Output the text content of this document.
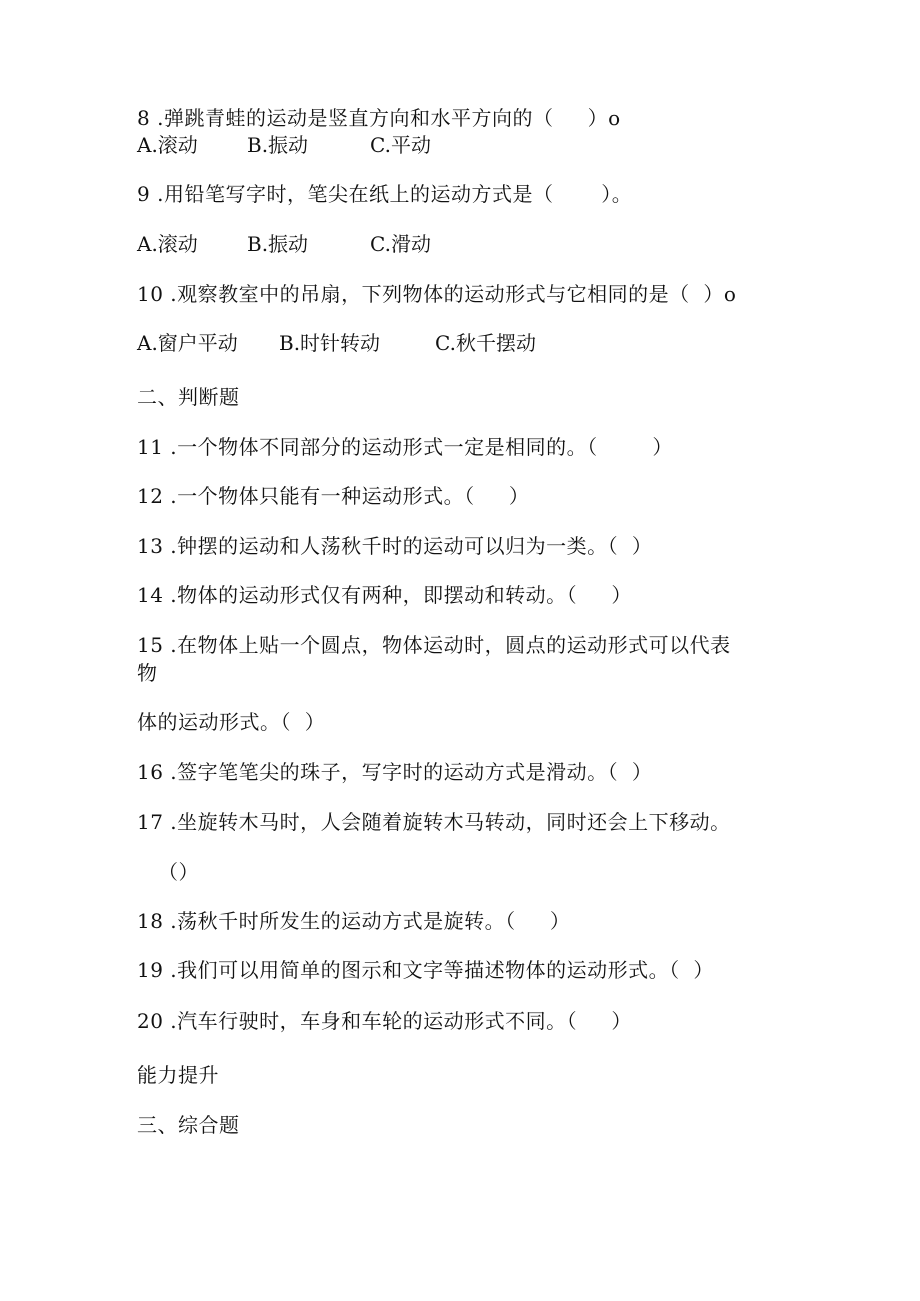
8 .弹跳青蛙的运动是竖直方向和水平方向的（　  ）o

A.滚动

B.振动

	C.平动

9 .用铅笔写字时，笔尖在纸上的运动方式是（　　 ）。

A.滚动

B.振动

	C.滑动

10 .观察教室中的吊扇，下列物体的运动形式与它相同的是（  ）o

A.窗户平动

B.时针转动

	C.秋千摆动

二、判断题
11 .一个物体不同部分的运动形式一定是相同的。（　　  ）
12 .一个物体只能有一种运动形式。（　  ）
13 .钟摆的运动和人荡秋千时的运动可以归为一类。（  ）
14 .物体的运动形式仅有两种，即摆动和转动。（　  ）
15 .在物体上贴一个圆点，物体运动时，圆点的运动形式可以代表
物
体的运动形式。（  ）
16 .签字笔笔尖的珠子，写字时的运动方式是滑动。（  ）
17 .坐旋转木马时，人会随着旋转木马转动，同时还会上下移动。
（）
18 .荡秋千时所发生的运动方式是旋转。（　  ）
19 .我们可以用简单的图示和文字等描述物体的运动形式。（  ）
20 .汽车行驶时，车身和车轮的运动形式不同。（　  ）
能力提升
三、综合题
